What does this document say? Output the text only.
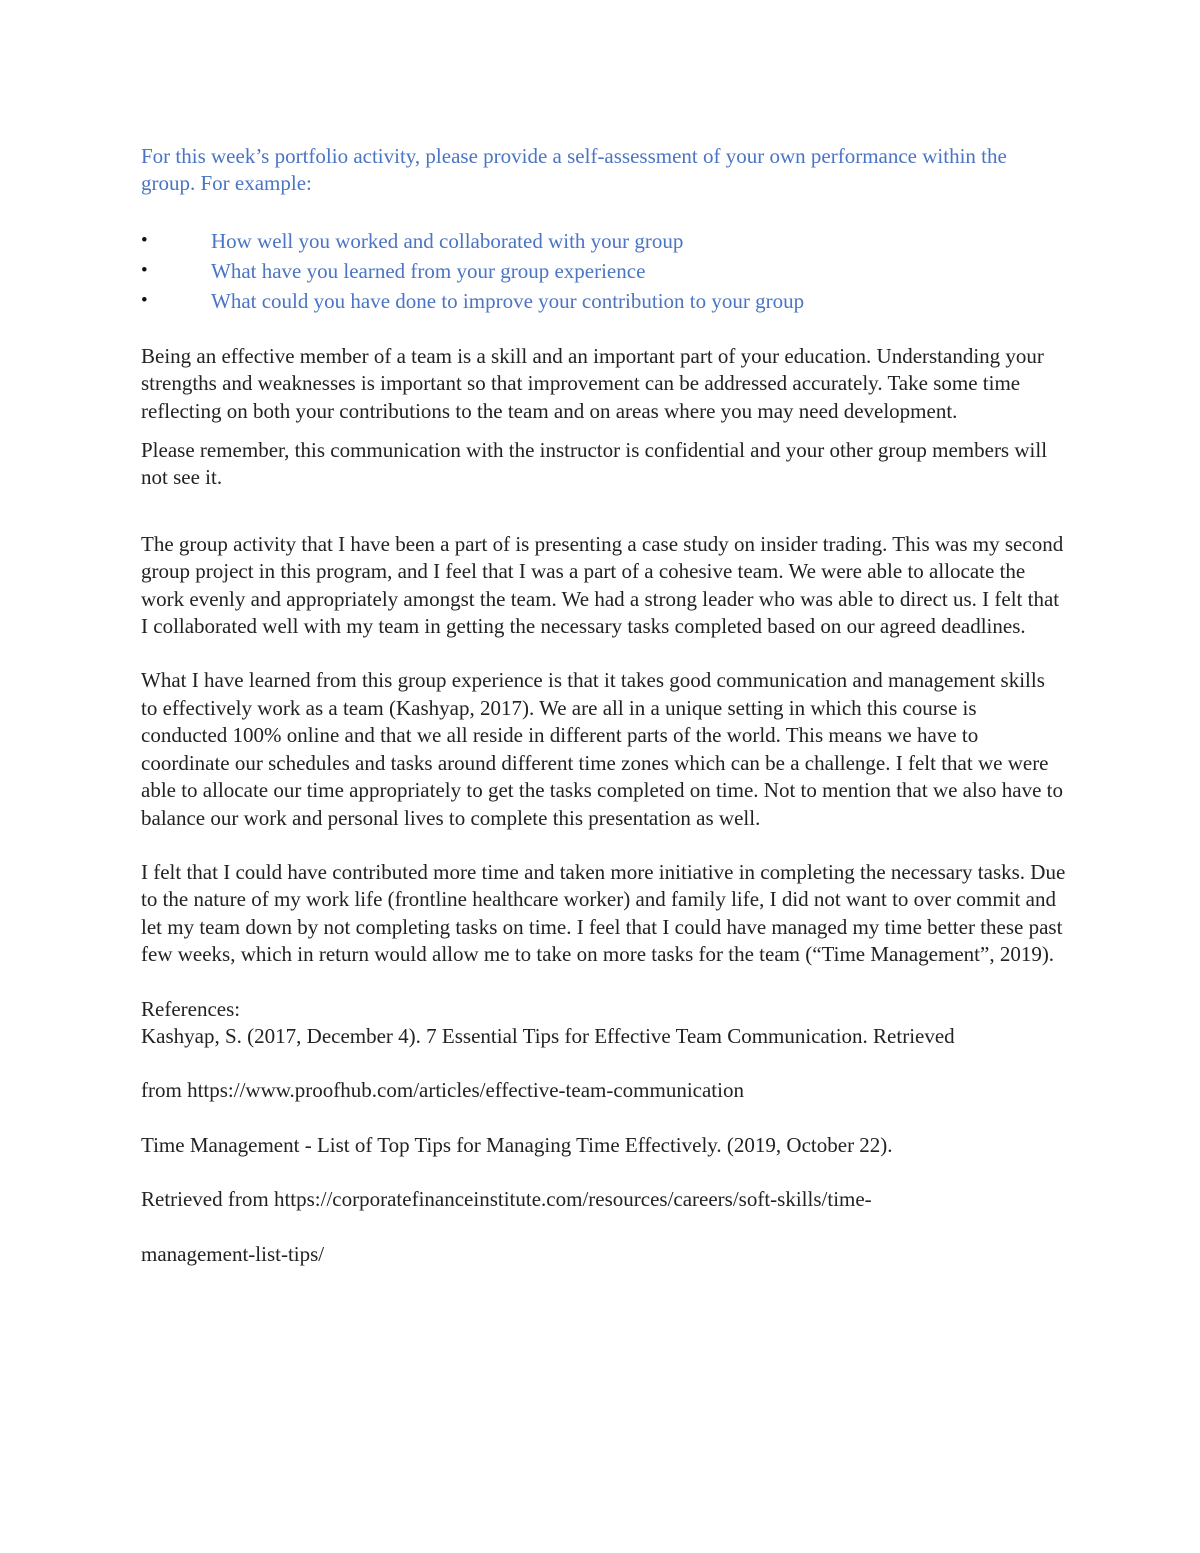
For this week’s portfolio activity, please provide a self-assessment of your own performance within the group. For example:

•	How well you worked and collaborated with your group
•	What have you learned from your group experience
•	What could you have done to improve your contribution to your group

Being an effective member of a team is a skill and an important part of your education. Understanding your strengths and weaknesses is important so that improvement can be addressed accurately. Take some time reflecting on both your contributions to the team and on areas where you may need development.

Please remember, this communication with the instructor is confidential and your other group members will not see it.

The group activity that I have been a part of is presenting a case study on insider trading. This was my second group project in this program, and I feel that I was a part of a cohesive team. We were able to allocate the work evenly and appropriately amongst the team. We had a strong leader who was able to direct us. I felt that I collaborated well with my team in getting the necessary tasks completed based on our agreed deadlines.

What I have learned from this group experience is that it takes good communication and management skills to effectively work as a team (Kashyap, 2017). We are all in a unique setting in which this course is conducted 100% online and that we all reside in different parts of the world. This means we have to coordinate our schedules and tasks around different time zones which can be a challenge. I felt that we were able to allocate our time appropriately to get the tasks completed on time. Not to mention that we also have to balance our work and personal lives to complete this presentation as well.

I felt that I could have contributed more time and taken more initiative in completing the necessary tasks. Due to the nature of my work life (frontline healthcare worker) and family life, I did not want to over commit and let my team down by not completing tasks on time. I feel that I could have managed my time better these past few weeks, which in return would allow me to take on more tasks for the team (“Time Management”, 2019).

References:

Kashyap, S. (2017, December 4). 7 Essential Tips for Effective Team Communication. Retrieved

from https://www.proofhub.com/articles/effective-team-communication

Time Management - List of Top Tips for Managing Time Effectively. (2019, October 22).

Retrieved from https://corporatefinanceinstitute.com/resources/careers/soft-skills/time-

management-list-tips/
